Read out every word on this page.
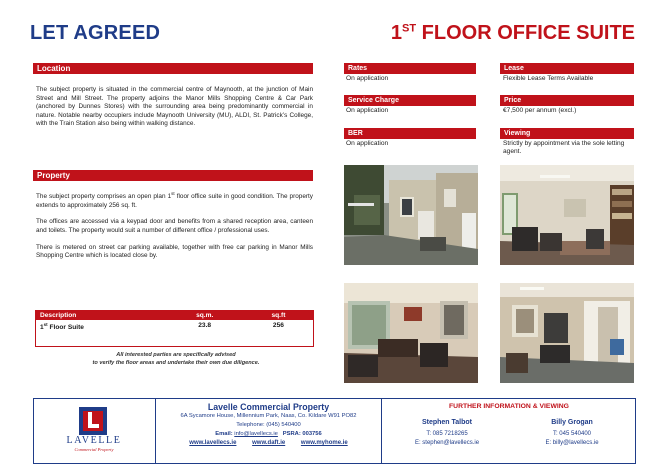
LET AGREED	1ST FLOOR OFFICE SUITE
Location

The subject property is situated in the commercial centre of Maynooth, at the junction of Main Street and Mill Street. The property adjoins the Manor Mills Shopping Centre & Car Park (anchored by Dunnes Stores) with the surrounding area being predominantly commercial in nature. Notable nearby occupiers include Maynooth University (MU), ALDI, St. Patrick’s College, with the Train Station also being within walking distance.

Property

The subject property comprises an open plan 1st floor office suite in good condition. The property extends to approximately 256 sq. ft.

The offices are accessed via a keypad door and benefits from a shared reception area, canteen and toilets. The property would suit a number of different office / professional uses.

There is metered on street car parking available, together with free car parking in Manor Mills Shopping Centre which is located close by.

Description	sq.m.	sq.ft
1st Floor Suite	23.8	256
All interested parties are specifically advised
to verify the floor areas and undertake their own due diligence.
Rates
On application
Service Charge
On application
BER
On application
Lease
Flexible Lease Terms Available
Price
€7,500 per annum (excl.)
Viewing
Strictly by appointment via the sole letting agent.
LAVELLE
Commercial Property
Lavelle Commercial Property
6A Sycamore House, Millennium Park, Naas, Co. Kildare W91 PO82
Telephone: (045) 540400
Email: info@lavellecs.ie PSRA: 003756
www.lavellecs.ie	www.daft.ie	www.myhome.ie
FURTHER INFORMATION & VIEWING
Stephen Talbot
T: 085 7218265
E: stephen@lavellecs.ie
Billy Grogan
T: 045 540400
E: billy@lavellecs.ie
